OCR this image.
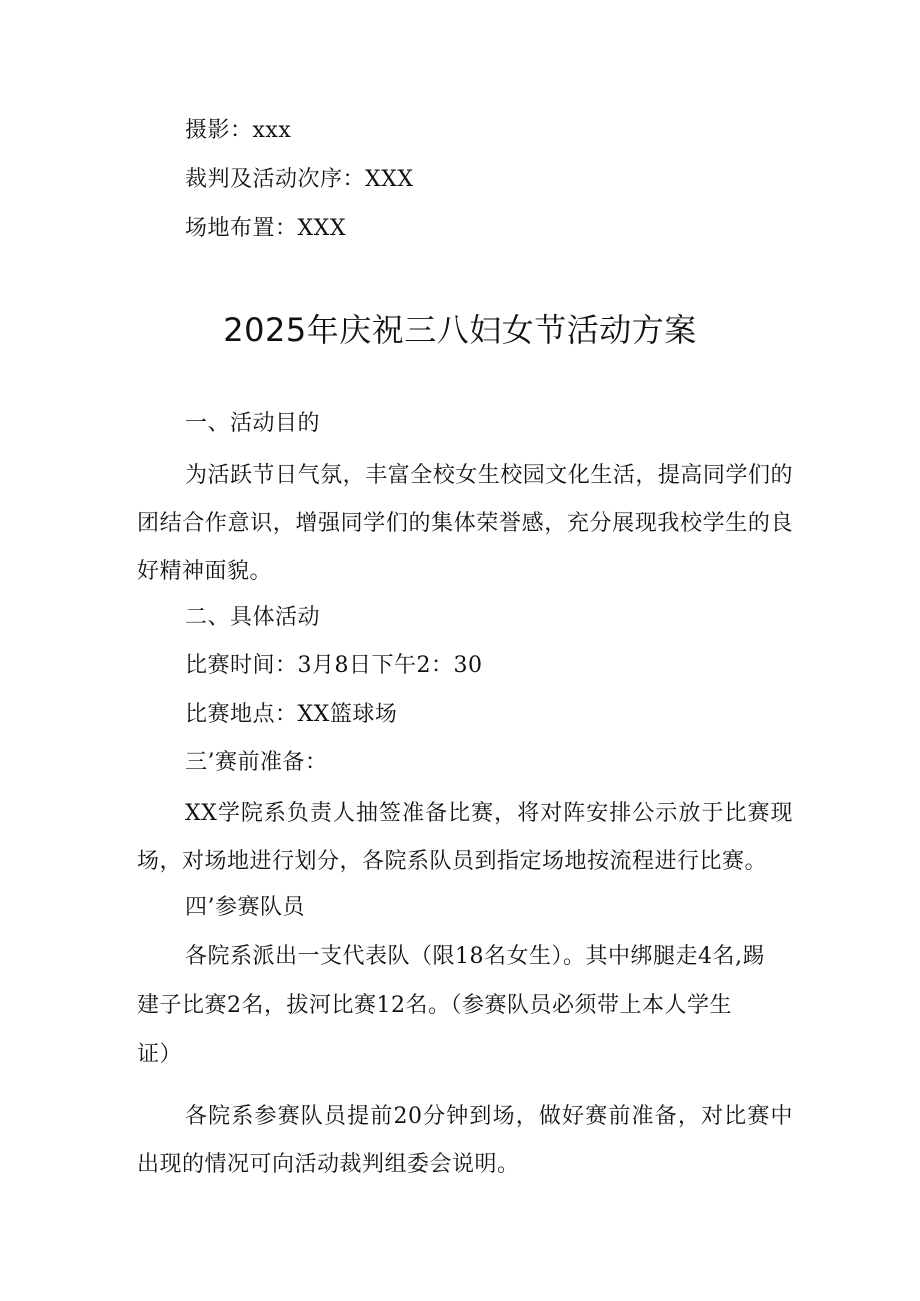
摄影：xxx
裁判及活动次序：XXX
场地布置：XXX
2025年庆祝三八妇女节活动方案
一、活动目的
为活跃节日气氛，丰富全校女生校园文化生活，提高同学们的团结合作意识，增强同学们的集体荣誉感，充分展现我校学生的良好精神面貌。
二、具体活动
比赛时间：3月8日下午2：30
比赛地点：XX篮球场
三’赛前准备：
XX学院系负责人抽签准备比赛，将对阵安排公示放于比赛现场，对场地进行划分，各院系队员到指定场地按流程进行比赛。
四’参赛队员
各院系派出一支代表队（限18名女生）。其中绑腿走4名,踢
建子比赛2名，拔河比赛12名。（参赛队员必须带上本人学生
证）
各院系参赛队员提前20分钟到场，做好赛前准备，对比赛中出现的情况可向活动裁判组委会说明。
